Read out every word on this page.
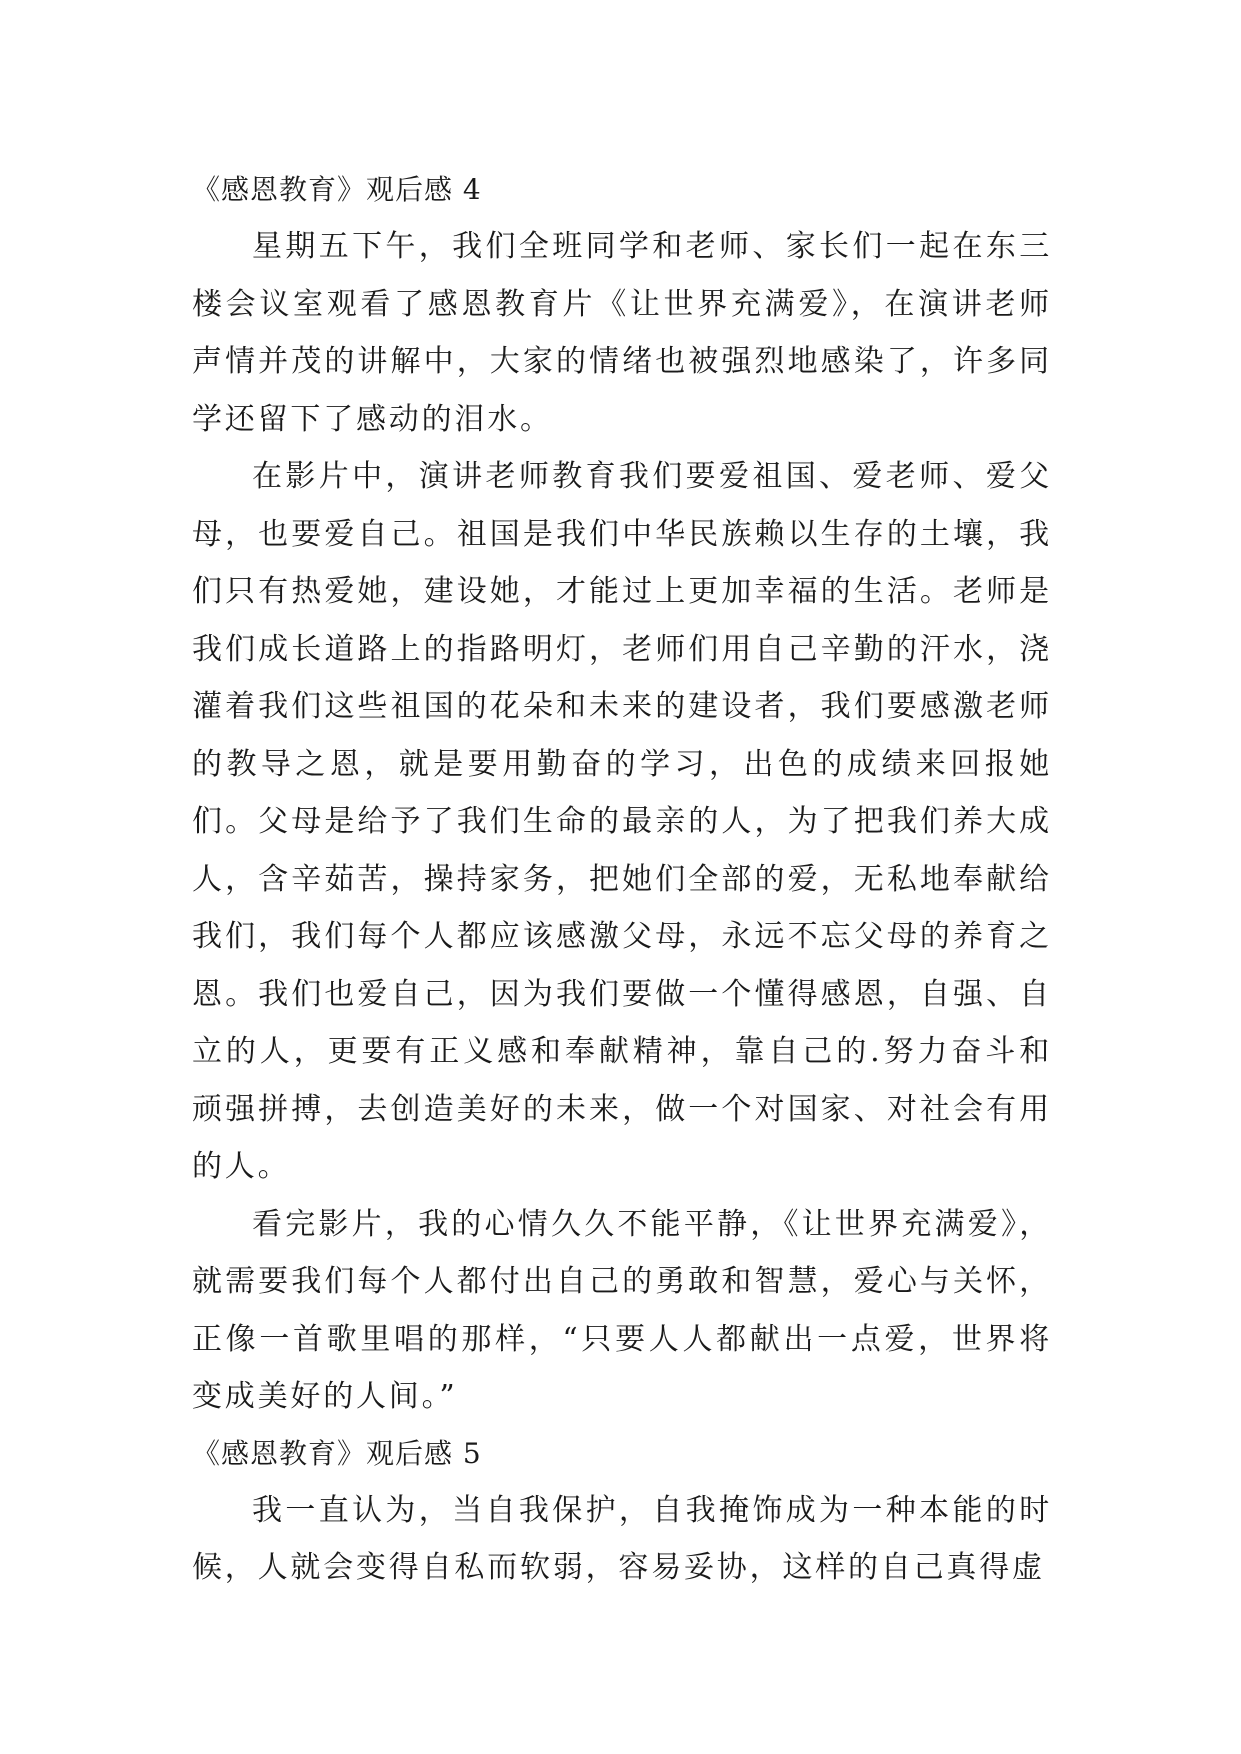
《感恩教育》观后感 4

星期五下午，我们全班同学和老师、家长们一起在东三楼会议室观看了感恩教育片《让世界充满爱》，在演讲老师声情并茂的讲解中，大家的情绪也被强烈地感染了，许多同学还留下了感动的泪水。

在影片中，演讲老师教育我们要爱祖国、爱老师、爱父母，也要爱自己。祖国是我们中华民族赖以生存的土壤，我们只有热爱她，建设她，才能过上更加幸福的生活。老师是我们成长道路上的指路明灯，老师们用自己辛勤的汗水，浇灌着我们这些祖国的花朵和未来的建设者，我们要感激老师的教导之恩，就是要用勤奋的学习，出色的成绩来回报她们。父母是给予了我们生命的最亲的人，为了把我们养大成人，含辛茹苦，操持家务，把她们全部的爱，无私地奉献给我们，我们每个人都应该感激父母，永远不忘父母的养育之恩。我们也爱自己，因为我们要做一个懂得感恩，自强、自立的人，更要有正义感和奉献精神，靠自己的.努力奋斗和顽强拼搏，去创造美好的未来，做一个对国家、对社会有用的人。

看完影片，我的心情久久不能平静，《让世界充满爱》，就需要我们每个人都付出自己的勇敢和智慧，爱心与关怀，正像一首歌里唱的那样，“只要人人都献出一点爱，世界将变成美好的人间。”

《感恩教育》观后感 5

我一直认为，当自我保护，自我掩饰成为一种本能的时候，人就会变得自私而软弱，容易妥协，这样的自己真得虚
